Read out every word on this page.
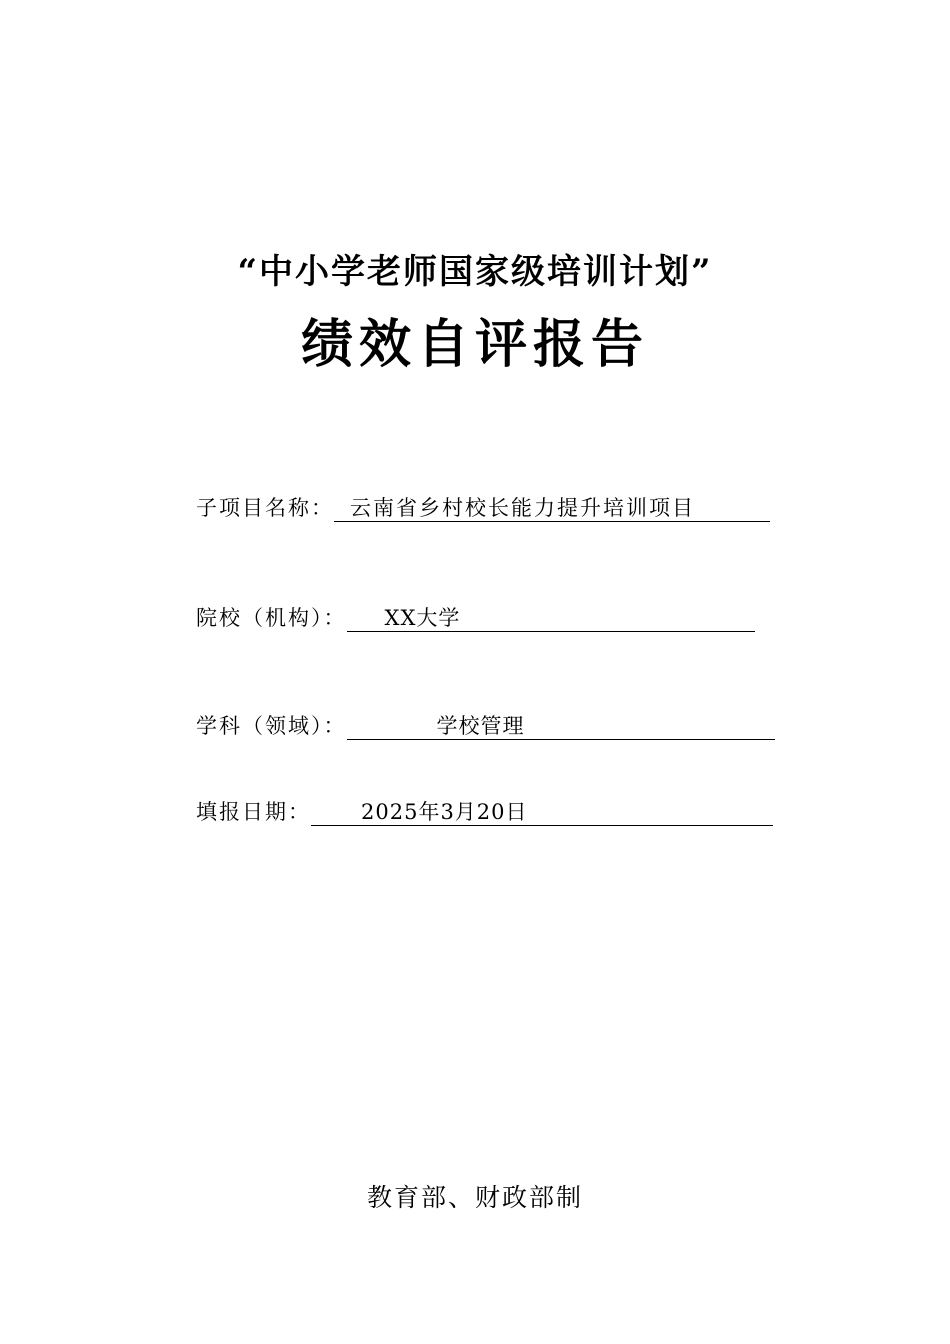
“中小学老师国家级培训计划”
绩效自评报告
子项目名称： 云南省乡村校长能力提升培训项目
院校（机构）： XX大学
学科（领域）：	学校管理
填报日期： 2025年3月20日
教育部、财政部制
